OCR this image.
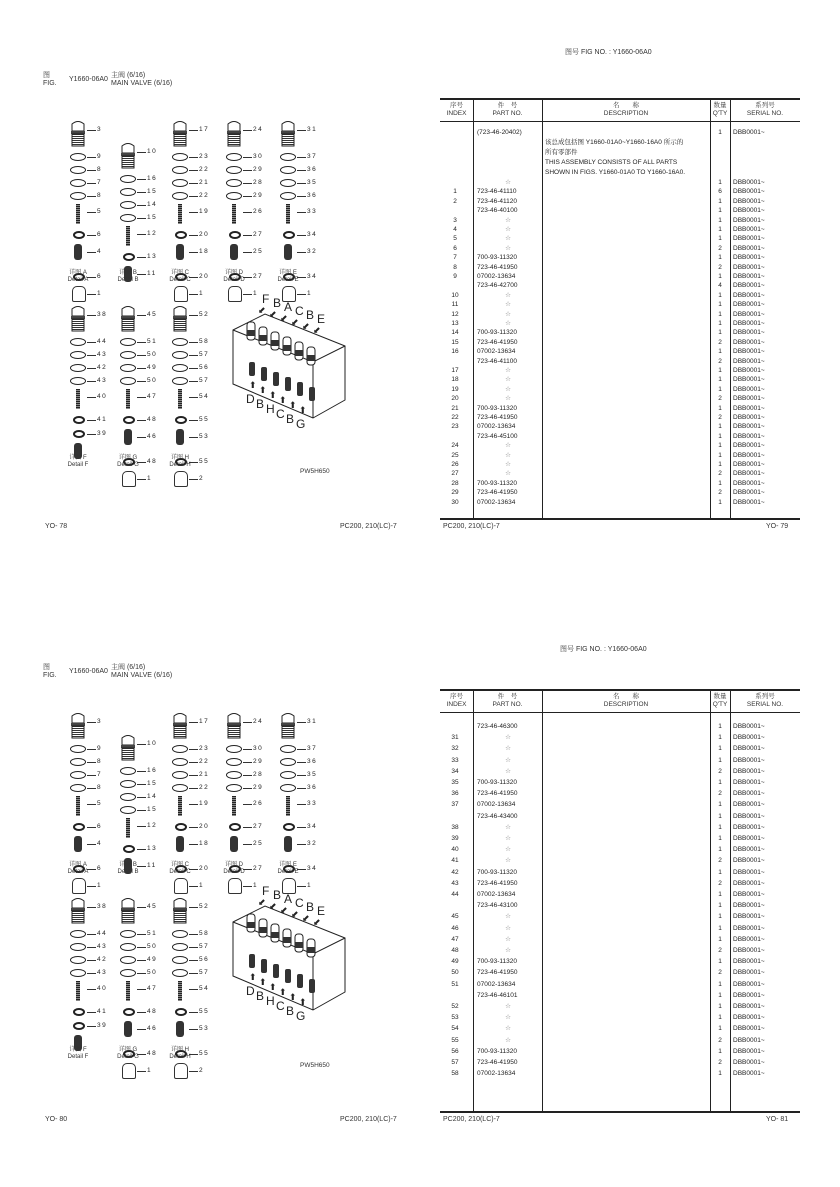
图
FIG.
Y1660-06A0
主阀 (6/16)
MAIN VALVE (6/16)
3
9
8
7
8
5
6
4
6
1
详图 A
Detail A
10
16
15
14
15
12
13
11
详图 B
Detail B
17
23
22
21
22
19
20
18
20
1
详图 C
Detail C
24
30
29
28
29
26
27
25
27
1
详图 D
Detail D
31
37
36
35
36
33
34
32
34
1
详图 E
Detail E
38
44
43
42
43
40
41
39
详图 F
Detail F
45
51
50
49
50
47
48
46
48
1
详图 G
Detail G
52
58
57
56
57
54
55
53
55
2
详图 H
Detail H
F
⬋ B
⬋ A
⬋ C
⬋ B
⬋ E
⬋
D
⬆
B
⬆
H
⬆
C
⬆
B
⬆
G
⬆
PW5H650
YO- 78	PC200, 210(LC)-7
图号 FIG NO. : Y1660-06A0
序号
INDEX
件　号
PART NO.
名　　称
DESCRIPTION
数量
Q'TY
系列号
SERIAL NO.
(723-46-20402)	1	DBB0001~
该总成包括图 Y1660-01A0~Y1660-16A0 所示的
所有零部件
THIS ASSEMBLY CONSISTS OF ALL PARTS
SHOWN IN FIGS. Y1660-01A0 TO Y1660-16A0.
☆	1	DBB0001~
1	723-46-41110	6	DBB0001~
2	723-46-41120	1	DBB0001~
723-46-40100	1	DBB0001~
3	☆	1	DBB0001~
4	☆	1	DBB0001~
5	☆	1	DBB0001~
6	☆	2	DBB0001~
7	700-93-11320	1	DBB0001~
8	723-46-41950	2	DBB0001~
9	07002-13634	1	DBB0001~
723-46-42700	4	DBB0001~
10	☆	1	DBB0001~
11	☆	1	DBB0001~
12	☆	1	DBB0001~
13	☆	1	DBB0001~
14	700-93-11320	1	DBB0001~
15	723-46-41950	2	DBB0001~
16	07002-13634	1	DBB0001~
723-46-41100	2	DBB0001~
17	☆	1	DBB0001~
18	☆	1	DBB0001~
19	☆	1	DBB0001~
20	☆	2	DBB0001~
21	700-93-11320	1	DBB0001~
22	723-46-41950	2	DBB0001~
23	07002-13634	1	DBB0001~
723-46-45100	1	DBB0001~
24	☆	1	DBB0001~
25	☆	1	DBB0001~
26	☆	1	DBB0001~
27	☆	2	DBB0001~
28	700-93-11320	1	DBB0001~
29	723-46-41950	2	DBB0001~
30	07002-13634	1	DBB0001~
PC200, 210(LC)-7	YO- 79
图
FIG.
Y1660-06A0
主阀 (6/16)
MAIN VALVE (6/16)
3
9
8
7
8
5
6
4
6
1
详图 A
Detail A
10
16
15
14
15
12
13
11
详图 B
Detail B
17
23
22
21
22
19
20
18
20
1
详图 C
Detail C
24
30
29
28
29
26
27
25
27
1
详图 D
Detail D
31
37
36
35
36
33
34
32
34
1
详图 E
Detail E
38
44
43
42
43
40
41
39
详图 F
Detail F
45
51
50
49
50
47
48
46
48
1
详图 G
Detail G
52
58
57
56
57
54
55
53
55
2
详图 H
Detail H
F
⬋ B
⬋ A
⬋ C
⬋ B
⬋ E
⬋
D
⬆
B
⬆
H
⬆
C
⬆
B
⬆
G
⬆
PW5H650
YO- 80	PC200, 210(LC)-7
图号 FIG NO. : Y1660-06A0
序号
INDEX
件　号
PART NO.
名　　称
DESCRIPTION
数量
Q'TY
系列号
SERIAL NO.
723-46-46300	1	DBB0001~
31	☆	1	DBB0001~
32	☆	1	DBB0001~
33	☆	1	DBB0001~
34	☆	2	DBB0001~
35	700-93-11320	1	DBB0001~
36	723-46-41950	2	DBB0001~
37	07002-13634	1	DBB0001~
723-46-43400	1	DBB0001~
38	☆	1	DBB0001~
39	☆	1	DBB0001~
40	☆	1	DBB0001~
41	☆	2	DBB0001~
42	700-93-11320	1	DBB0001~
43	723-46-41950	2	DBB0001~
44	07002-13634	1	DBB0001~
723-46-43100	1	DBB0001~
45	☆	1	DBB0001~
46	☆	1	DBB0001~
47	☆	1	DBB0001~
48	☆	2	DBB0001~
49	700-93-11320	1	DBB0001~
50	723-46-41950	2	DBB0001~
51	07002-13634	1	DBB0001~
723-46-46101	1	DBB0001~
52	☆	1	DBB0001~
53	☆	1	DBB0001~
54	☆	1	DBB0001~
55	☆	2	DBB0001~
56	700-93-11320	1	DBB0001~
57	723-46-41950	2	DBB0001~
58	07002-13634	1	DBB0001~
PC200, 210(LC)-7	YO- 81
